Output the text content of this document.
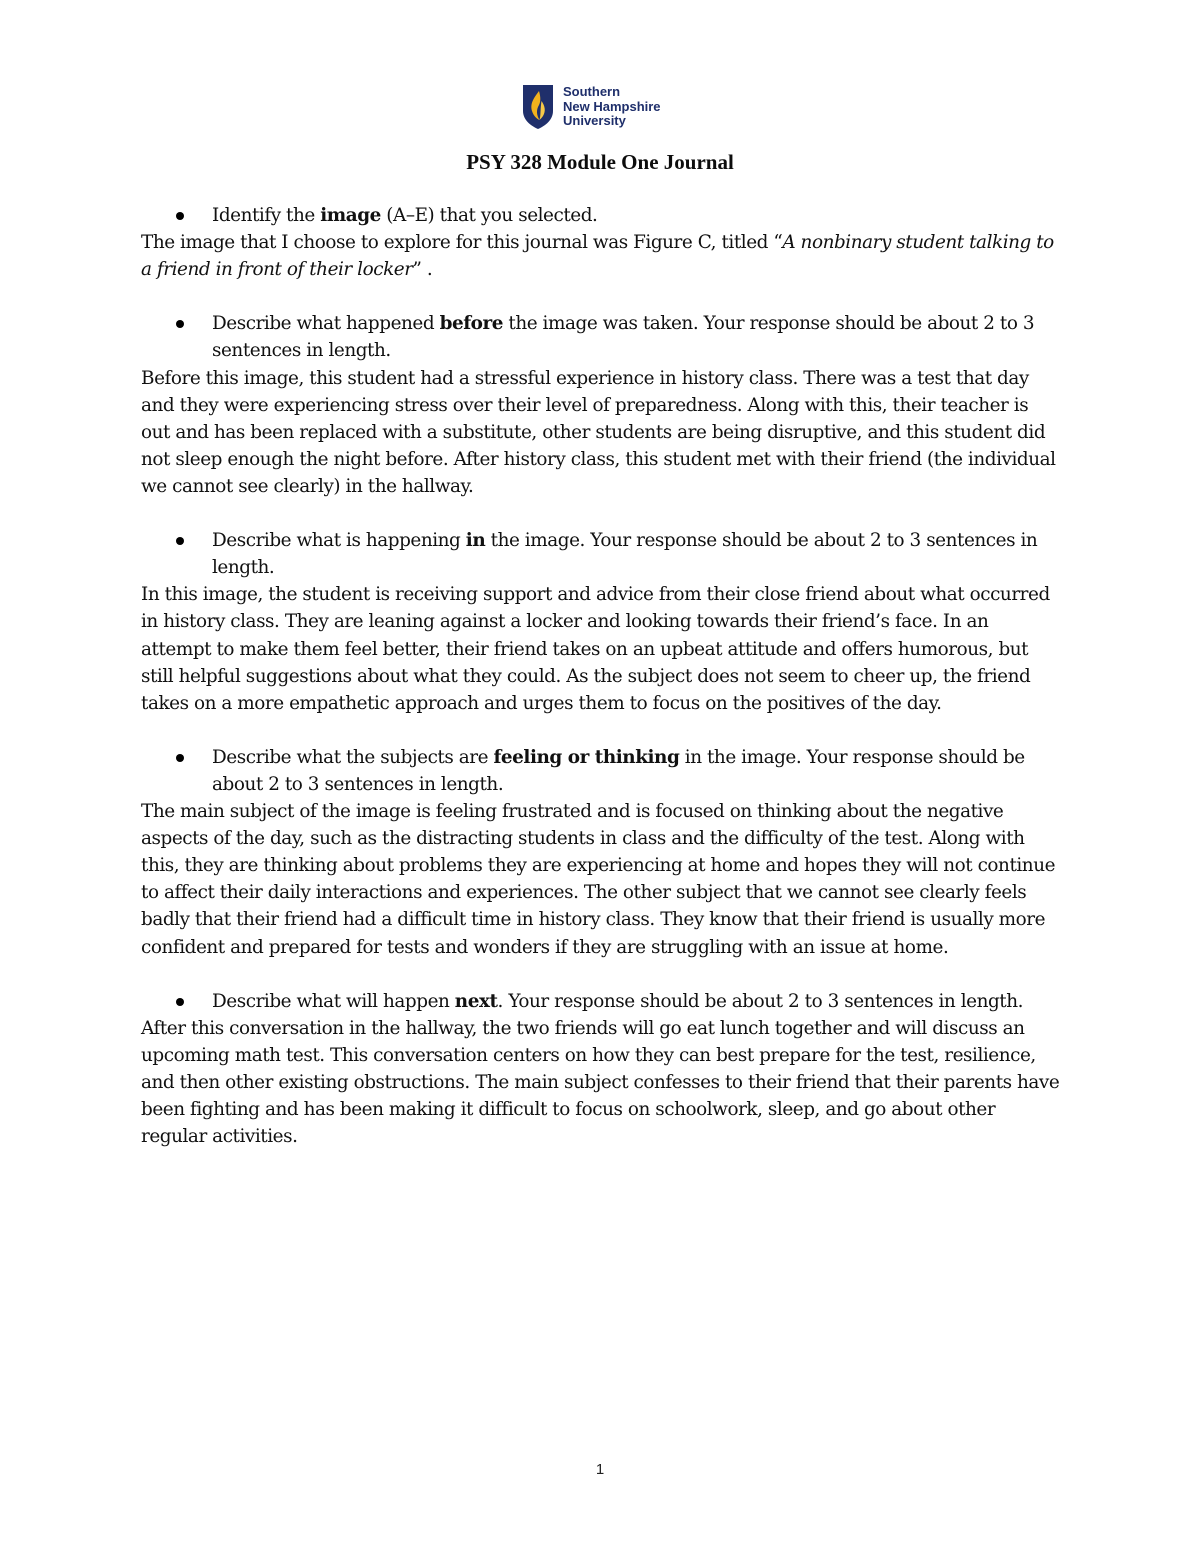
Southern
New Hampshire
University
PSY 328 Module One Journal

Identify the image (A–E) that you selected.

The image that I choose to explore for this journal was Figure C, titled “A nonbinary student talking to a friend in front of their locker” .

Describe what happened before the image was taken. Your response should be about 2 to 3 sentences in length.

Before this image, this student had a stressful experience in history class. There was a test that day and they were experiencing stress over their level of preparedness. Along with this, their teacher is out and has been replaced with a substitute, other students are being disruptive, and this student did not sleep enough the night before. After history class, this student met with their friend (the individual we cannot see clearly) in the hallway.

Describe what is happening in the image. Your response should be about 2 to 3 sentences in length.

In this image, the student is receiving support and advice from their close friend about what occurred in history class. They are leaning against a locker and looking towards their friend’s face. In an attempt to make them feel better, their friend takes on an upbeat attitude and offers humorous, but still helpful suggestions about what they could. As the subject does not seem to cheer up, the friend takes on a more empathetic approach and urges them to focus on the positives of the day.

Describe what the subjects are feeling or thinking in the image. Your response should be about 2 to 3 sentences in length.

The main subject of the image is feeling frustrated and is focused on thinking about the negative aspects of the day, such as the distracting students in class and the difficulty of the test. Along with this, they are thinking about problems they are experiencing at home and hopes they will not continue to affect their daily interactions and experiences. The other subject that we cannot see clearly feels badly that their friend had a difficult time in history class. They know that their friend is usually more confident and prepared for tests and wonders if they are struggling with an issue at home.

Describe what will happen next. Your response should be about 2 to 3 sentences in length.

After this conversation in the hallway, the two friends will go eat lunch together and will discuss an upcoming math test. This conversation centers on how they can best prepare for the test, resilience, and then other existing obstructions. The main subject confesses to their friend that their parents have been fighting and has been making it difficult to focus on schoolwork, sleep, and go about other regular activities.

1
